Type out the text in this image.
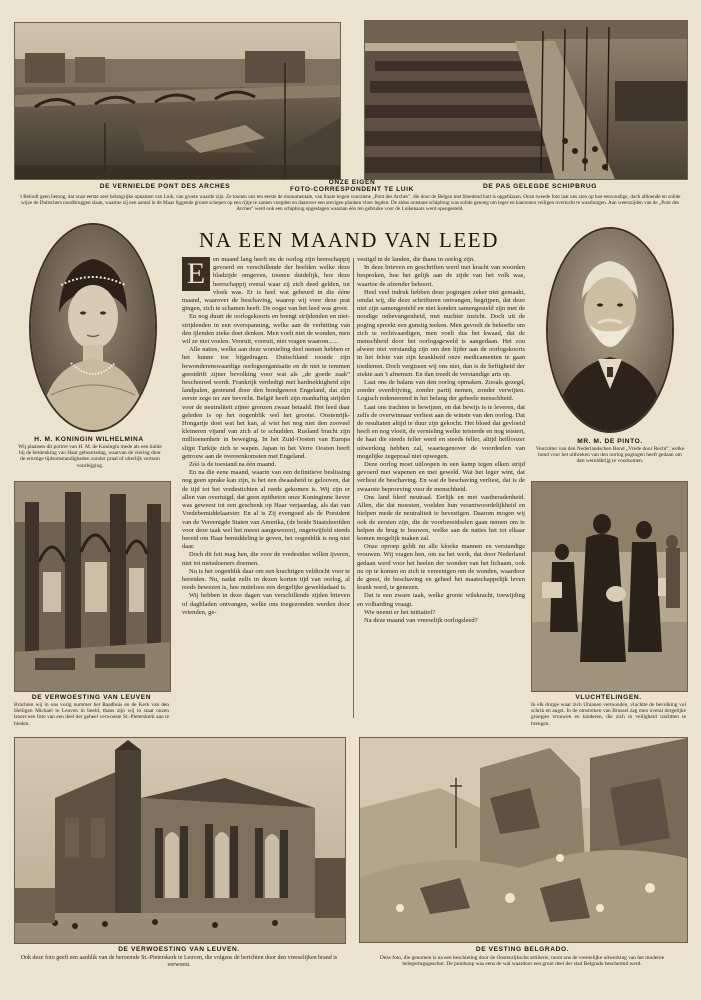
DE VERNIELDE PONT DES ARCHES
ONZE EIGEN
FOTO-CORRESPONDENT TE LUIK	DE PAS GELEGDE SCHIPBRUG
't Belooft geen betoog, dat onze eerste zeer belangrijke opnamen van Luik, van groote waarde zijn. Ze toonen ons ten eerste de monumentale, van fraaie bogen voorziene „Pont des Arches”, die door de Belgen met bloedend hart is opgeblazen. Onze tweede foto laat ons zien op hoe eenvoudige, doch afdoende en solide wijze de Duitschers noodbruggen slaan, waartoe zij een aantal in de Maas liggende groote schepen op een rijtje te zamen voegden en daarover een stevigen planken vloer legden. De aldus ontstane schipbrug was solide genoeg om leger en kanonnen veiligen overtocht te waarborgen. Aan weerszijden van de „Pont des Arches” werd ook een schipbrug opgeslagen waaraan één ten gebruike voor de Luikenaars werd opengesteld.
NA EEN MAAND VAN LEED
H. M. KONINGIN WILHELMINA
Wij plaatsen dit portret van H. M. de Koningin mede als een hulde bij de herdenking van Haar geboortedag, waarvan de viering door de ernstige tijdsomstandigheden zonder praal of uiterlijk vertoon voorbijging.
MR. M. DE PINTO.
Voorzitter van den Nederlandschen Bond „Vrede door Recht”, welke bond voor het uitbreken van den oorlog pogingen heeft gedaan om den wereldkrijg te voorkomen.
DE VERWOESTING VAN LEUVEN
Brachten wij in ons vorig nummer het Raadhuis en de Kerk van den Heiligen Michael te Leuven in beeld, thans zijn wij in staat onzen lezers een foto van een deel der geheel verwoeste St.-Pieterskerk aan te bieden.
VLUCHTELINGEN.
In elk dorpje waar zich Uhlanen vertoonden, vluchtte de bevolking vol schrik en angst. In de omstreken van Brussel zag men overal dergelijke groepjes vrouwen en kinderen, die zich in veiligheid trachtten te brengen.

E	en maand lang heeft nu de oorlog zijn heerschappij gevoerd en verschillende der beelden welke deze bladzijde omgeven, toonen duidelijk, hoe deze heerschappij overal waar zij zich deed gelden, tot vloek was. Er is heel wat gebeurd in die ééne maand, waarover de beschaving, waarop wij voor deze prat gingen, zich te schamen heeft. De oogst van het leed was groot.

En nog duurt de oorlogskoorts en brengt strijdenden en niet-strijdenden in een overspanning, welke aan de verhitting van den ijlenden zieke doet denken. Men voelt niet de wonden, men wil ze niet voelen. Vooruit, vooruit, niet vragen waarom......

Alle naties, welke aan deze worsteling deel nemen hebben er het hunne toe bijgedragen. Duitschland toonde zijn bewonderenswaardige oorlogsorganisatie en de niet te temmen geestdrift zijner bevolking voor wat als „de goede zaak” beschouwd wordt. Frankrijk verdedigt met hardnekkigheid zijn landpalen, gesteund door den bondgenoot Engeland, dat zijn eerste zege ter zee bevocht. België heeft zijn manhaftig strijden voor de neutraliteit zijner grenzen zwaar betaald. Het leed daar geleden is op het oogenblik wel het grootst. Oostenrijk-Hongarije doet wat het kan, al wist het nog niet den zooveel kleineren vijand van zich af te schudden. Rusland bracht zijn millioenenheir in beweging. In het Zuid-Oosten van Europa slijpt Turkije zich te wapen. Japan in het Verre Oosten heeft getrouw aan de overeenkomsten met Engeland.

Zóó is de toestand na één maand.

En na die eene maand, waarin van een definitieve beslissing nog geen sprake kan zijn, is het een dwaasheid te gelooven, dat de tijd tot het vredestichten al reeds gekomen is. Wij zijn er allen van overtuigd, dat geen epitheton onze Koninginne liever was geweest tot een geschenk op Haar verjaardag, als dat van Vredebemiddelaarster. En al is Zij evengoed als de President van de Vereenigde Staten van Amerika, (de beide Staatshoofden voor deze taak wel het meest aangewezen), ongetwijfeld steeds bereid om Haar bemiddeling te geven, het oogenblik is nog niet daar.

Doch dit feit mag hen, die voor de vredesidee willen ijveren, niet tot nietsdoeners doemen.

Nu is het oogenblik daar om een krachtigen veldtocht voor te bereiden. Nu, nadat zelfs in dezen korten tijd van oorlog, al reeds bewezen is, hoe nutteloos een dergelijke geweldadaad is.

Wij hebben in deze dagen van verschillende zijden brieven of dagbladen ontvangen, welke ons toegezonden werden door vrienden, ge-

vestigd in de landen, die thans in oorlog zijn.

In deze brieven en geschriften werd met kracht van woorden besproken, hoe het gelijk aan de zijde van het volk was, waartoe de afzender behoort.

Heel veel indruk hebben deze pogingen zeker niet gemaakt, omdat wij, die deze schrifturen ontvangen, begrijpen, dat deze niet zijn samengesteld en niet konden samengesteld zijn met de noodige onbevangenheid, met nuchter inzicht. Doch uit de poging spreekt een gunstig teeken. Men gevoelt de behoefte om zich te rechtvaardigen, men voelt dus het kwaad, dat de menschheid door het oorlogsgeweld is aangedaan. Het zou alweer niet verstandig zijn om den lijder aan de oorlogskoorts in het felste van zijn krankheid onze medicamenten te gaan toedienen. Doch vergissen wij ons niet, dan is de heftigheid der ziekte aan 't afnemen. En dan treedt de verstandige arts op.

Laat ons de balans van den oorlog opmaken. Zooals gezegd, zonder overdrijving, zonder partij nemen, zonder verwijten. Logisch redeneerend in het belang der geheele menschheid.

Laat ons trachten te bewijzen, en dat bewijs is te leveren, dat zelfs de overwinnaar verliest aan de winste van den oorlog. Dat de resultaten altijd te duur zijn gekocht. Het bloed dat gevloeid heeft en nog vloeit, de vernieling welke teisterde en nog teistert, de haat die steeds feller werd en steeds feller, altijd heilloozer uitwerking hebben zal, waartegenover de voordeelen van mogelijke zegepraal niet opwegen.

Deze oorlog moet uitloopen in een kamp tegen elken strijd gevoerd met wapenen en met geweld. Wat het leger wint, dat verliest de beschaving. En wat de beschaving verliest, dat is de zwaarste beproeving voor de menschheid.

Ons land bleef neutraal. Eerlijk en met vastberadenheid. Allen, die dat moesten, voelden hun verantwoordelijkheid en hielpen mede de neutraliteit te bevestigen. Daarom mogen wij ook de eersten zijn, die de voorbereidselen gaan nemen om te helpen de brug te bouwen, welke aan de naties het tot elkaar komen mogelijk maken zal.

Onze oproep geldt nu alle kloeke mannen en verstandige vrouwen. Wij vragen hen, om na het werk, dat door Nederland gedaan werd voor het heelen der wonden van het lichaam, ook nu op te komen en zich te vereenigen om de wonden, waardoor de geest, de beschaving en geheel het maatschappelijk leven krank werd, te genezen.

Dat is een zware taak, welke groote wilskracht, toewijding en volharding vraagt.

Wie neemt er het initiatief?

Na deze maand van vreeselijk oorlogsleed?

DE VERWOESTING VAN LEUVEN.
Ook deze foto geeft een aanblik van de beroemde St.-Pieterskerk te Leuven, die volgens de berichten door den vreeselijken brand is verwoest.
DE VESTING BELGRADO.
Deze foto, die genomen is na een beschieting door de Oostenrijksche artillerie, toont ons de vreeselijke uitwerking van het moderne belegeringsgeschut. De puinhoop was eens de wal waardoor een groot deel der stad Belgrado beschermd werd.
